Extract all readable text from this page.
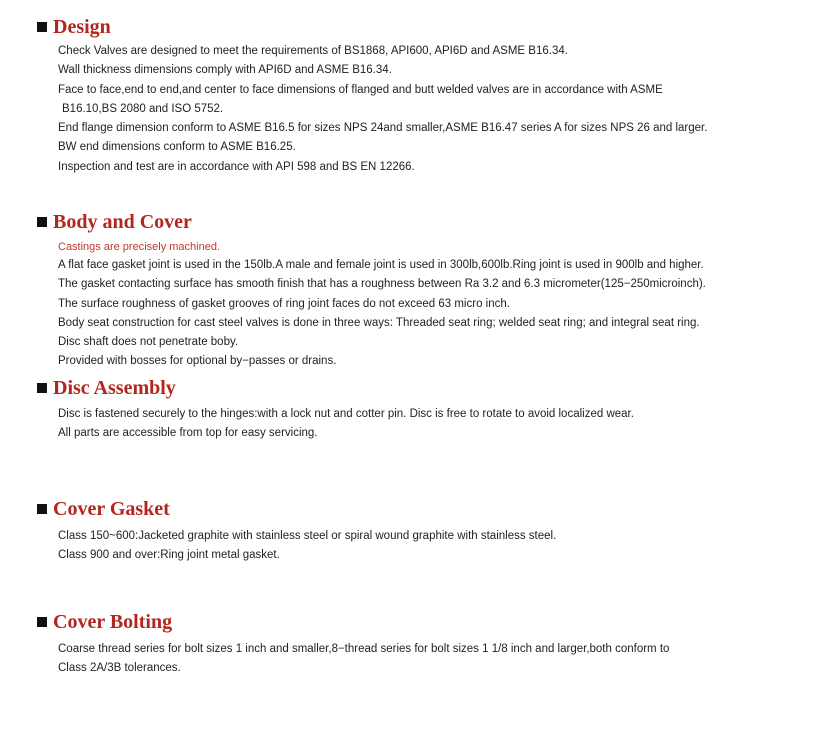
Design
Check Valves are designed to meet the requirements of BS1868, API600, API6D and ASME B16.34.
Wall thickness dimensions comply with API6D and ASME B16.34.
Face to face,end to end,and center to face dimensions of flanged and butt welded valves are in accordance with ASME
B16.10,BS 2080 and ISO 5752.
End flange dimension conform to ASME B16.5 for sizes NPS 24and smaller,ASME B16.47 series A for sizes NPS 26 and larger.
BW end dimensions conform to ASME B16.25.
Inspection and test are in accordance with API 598 and BS EN 12266.
Body and Cover
Castings are precisely machined.
A flat face gasket joint is used in the 150lb.A male and female joint is used in 300lb,600lb.Ring joint is used in 900lb and higher.
The gasket contacting surface has smooth finish that has a roughness between Ra 3.2 and 6.3 micrometer(125−250microinch).
The surface roughness of gasket grooves of ring joint faces do not exceed 63 micro inch.
Body seat construction for cast steel valves is done in three ways: Threaded seat ring; welded seat ring; and integral seat ring.
Disc shaft does not penetrate boby.
Provided with bosses for optional by−passes or drains.
Disc Assembly
Disc is fastened securely to the hinges:with a lock nut and cotter pin. Disc is free to rotate to avoid localized wear.
All parts are accessible from top for easy servicing.
Cover Gasket
Class 150~600:Jacketed graphite with stainless steel or spiral wound graphite with stainless steel.
Class 900 and over:Ring joint metal gasket.
Cover Bolting
Coarse thread series for bolt sizes 1 inch and smaller,8−thread series for bolt sizes 1 1/8 inch and larger,both conform to
Class 2A/3B tolerances.
